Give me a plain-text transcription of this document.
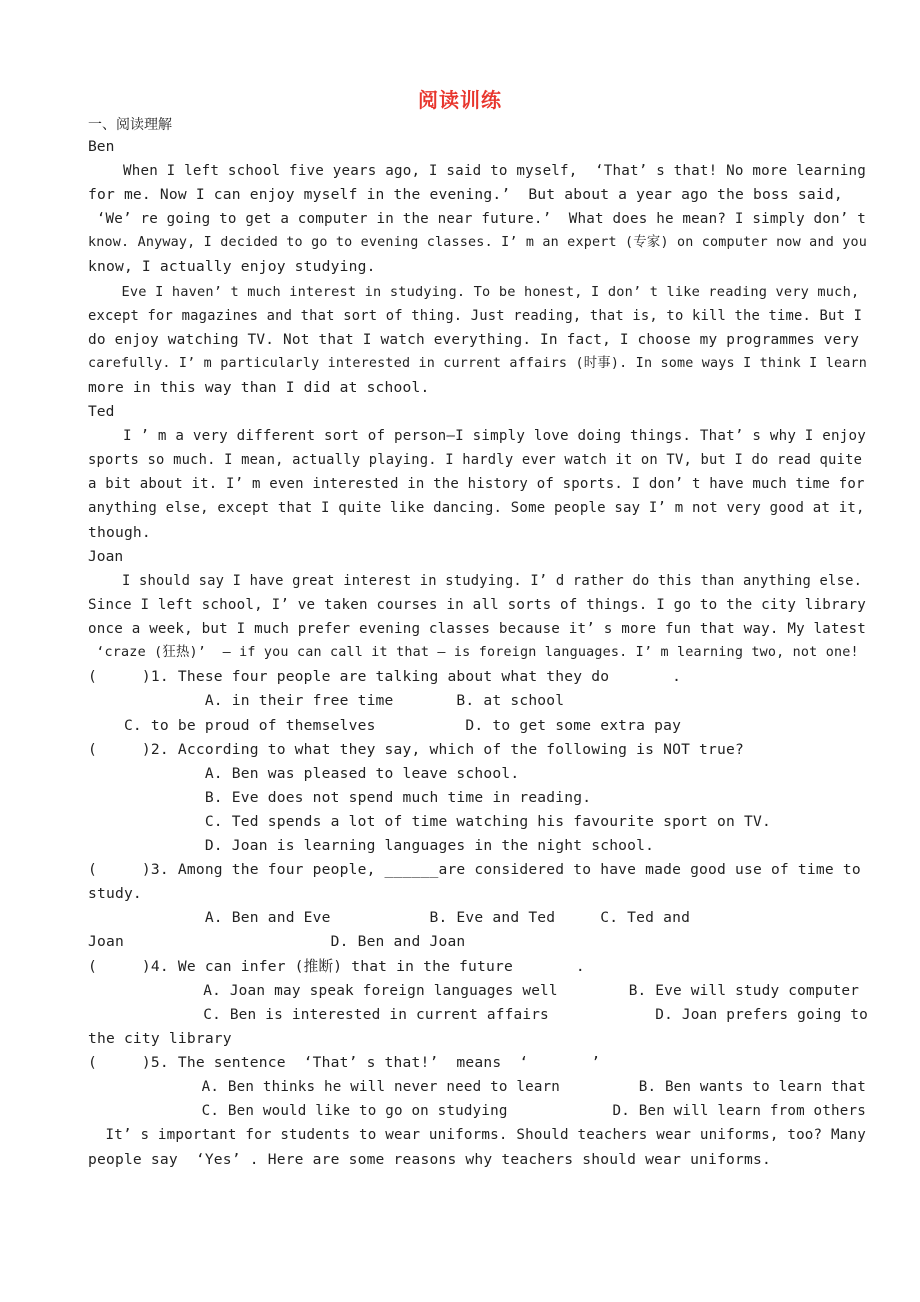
阅读训练
一、阅读理解
Ben
When I left school five years ago, I said to myself,  ‘That’ s that! No more learning
for me. Now I can enjoy myself in the evening.’  But about a year ago the boss said,
‘We’ re going to get a computer in the near future.’  What does he mean? I simply don’ t
know. Anyway, I decided to go to evening classes. I’ m an expert (专家) on computer now and you
know, I actually enjoy studying.
Eve I haven’ t much interest in studying. To be honest, I don’ t like reading very much,
except for magazines and that sort of thing. Just reading, that is, to kill the time. But I
do enjoy watching TV. Not that I watch everything. In fact, I choose my programmes very
carefully. I’ m particularly interested in current affairs (时事). In some ways I think I learn
more in this way than I did at school.
Ted
I ’ m a very different sort of person—I simply love doing things. That’ s why I enjoy
sports so much. I mean, actually playing. I hardly ever watch it on TV, but I do read quite
a bit about it. I’ m even interested in the history of sports. I don’ t have much time for
anything else, except that I quite like dancing. Some people say I’ m not very good at it,
though.
Joan
I should say I have great interest in studying. I’ d rather do this than anything else.
Since I left school, I’ ve taken courses in all sorts of things. I go to the city library
once a week, but I much prefer evening classes because it’ s more fun that way. My latest
‘craze (狂热)’  — if you can call it that — is foreign languages. I’ m learning two, not one!
(     )1. These four people are talking about what they do       .
A. in their free time       B. at school
C. to be proud of themselves          D. to get some extra pay
(     )2. According to what they say, which of the following is NOT true?
A. Ben was pleased to leave school.
B. Eve does not spend much time in reading.
C. Ted spends a lot of time watching his favourite sport on TV.
D. Joan is learning languages in the night school.
(     )3. Among the four people, ______are considered to have made good use of time to
study.
A. Ben and Eve           B. Eve and Ted     C. Ted and
Joan                       D. Ben and Joan
(     )4. We can infer (推断) that in the future       .
A. Joan may speak foreign languages well        B. Eve will study computer
C. Ben is interested in current affairs            D. Joan prefers going to
the city library
(     )5. The sentence  ‘That’ s that!’  means  ‘       ’
A. Ben thinks he will never need to learn         B. Ben wants to learn that
C. Ben would like to go on studying            D. Ben will learn from others
It’ s important for students to wear uniforms. Should teachers wear uniforms, too? Many
people say  ‘Yes’ . Here are some reasons why teachers should wear uniforms.
